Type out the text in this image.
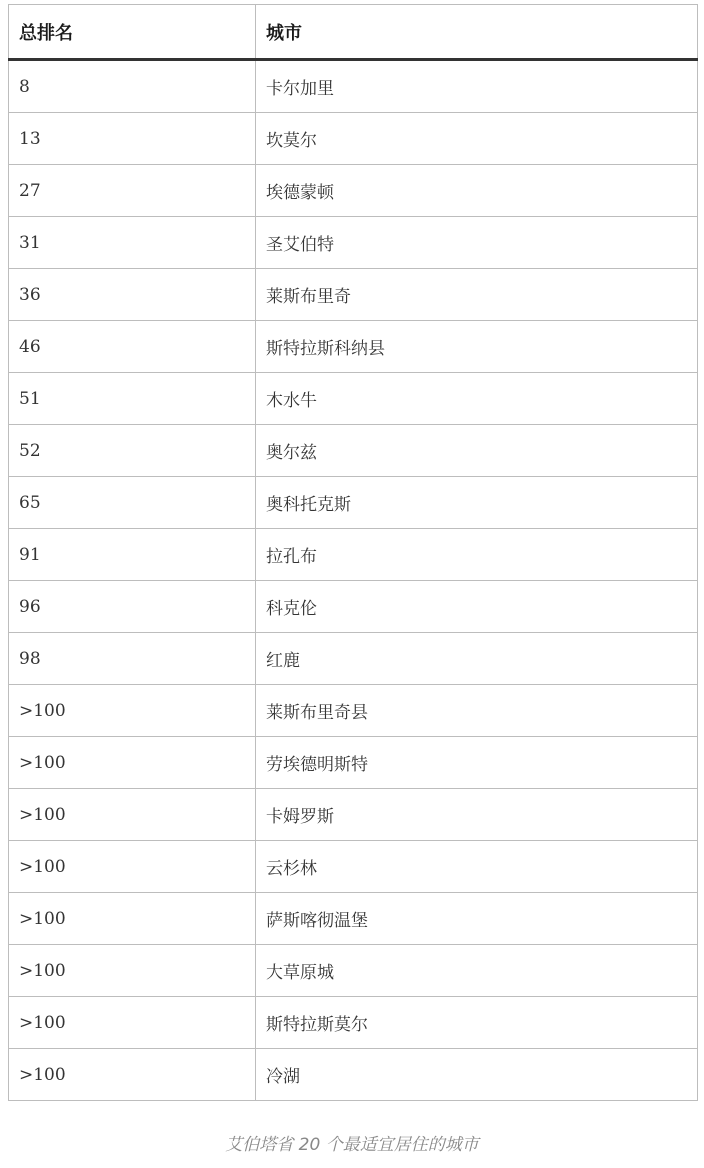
总排名	城市
8	卡尔加里
13	坎莫尔
27	埃德蒙顿
31	圣艾伯特
36	莱斯布里奇
46	斯特拉斯科纳县
51	木水牛
52	奥尔兹
65	奥科托克斯
91	拉孔布
96	科克伦
98	红鹿
>100	莱斯布里奇县
>100	劳埃德明斯特
>100	卡姆罗斯
>100	云杉林
>100	萨斯喀彻温堡
>100	大草原城
>100	斯特拉斯莫尔
>100	冷湖
艾伯塔省 20 个最适宜居住的城市
